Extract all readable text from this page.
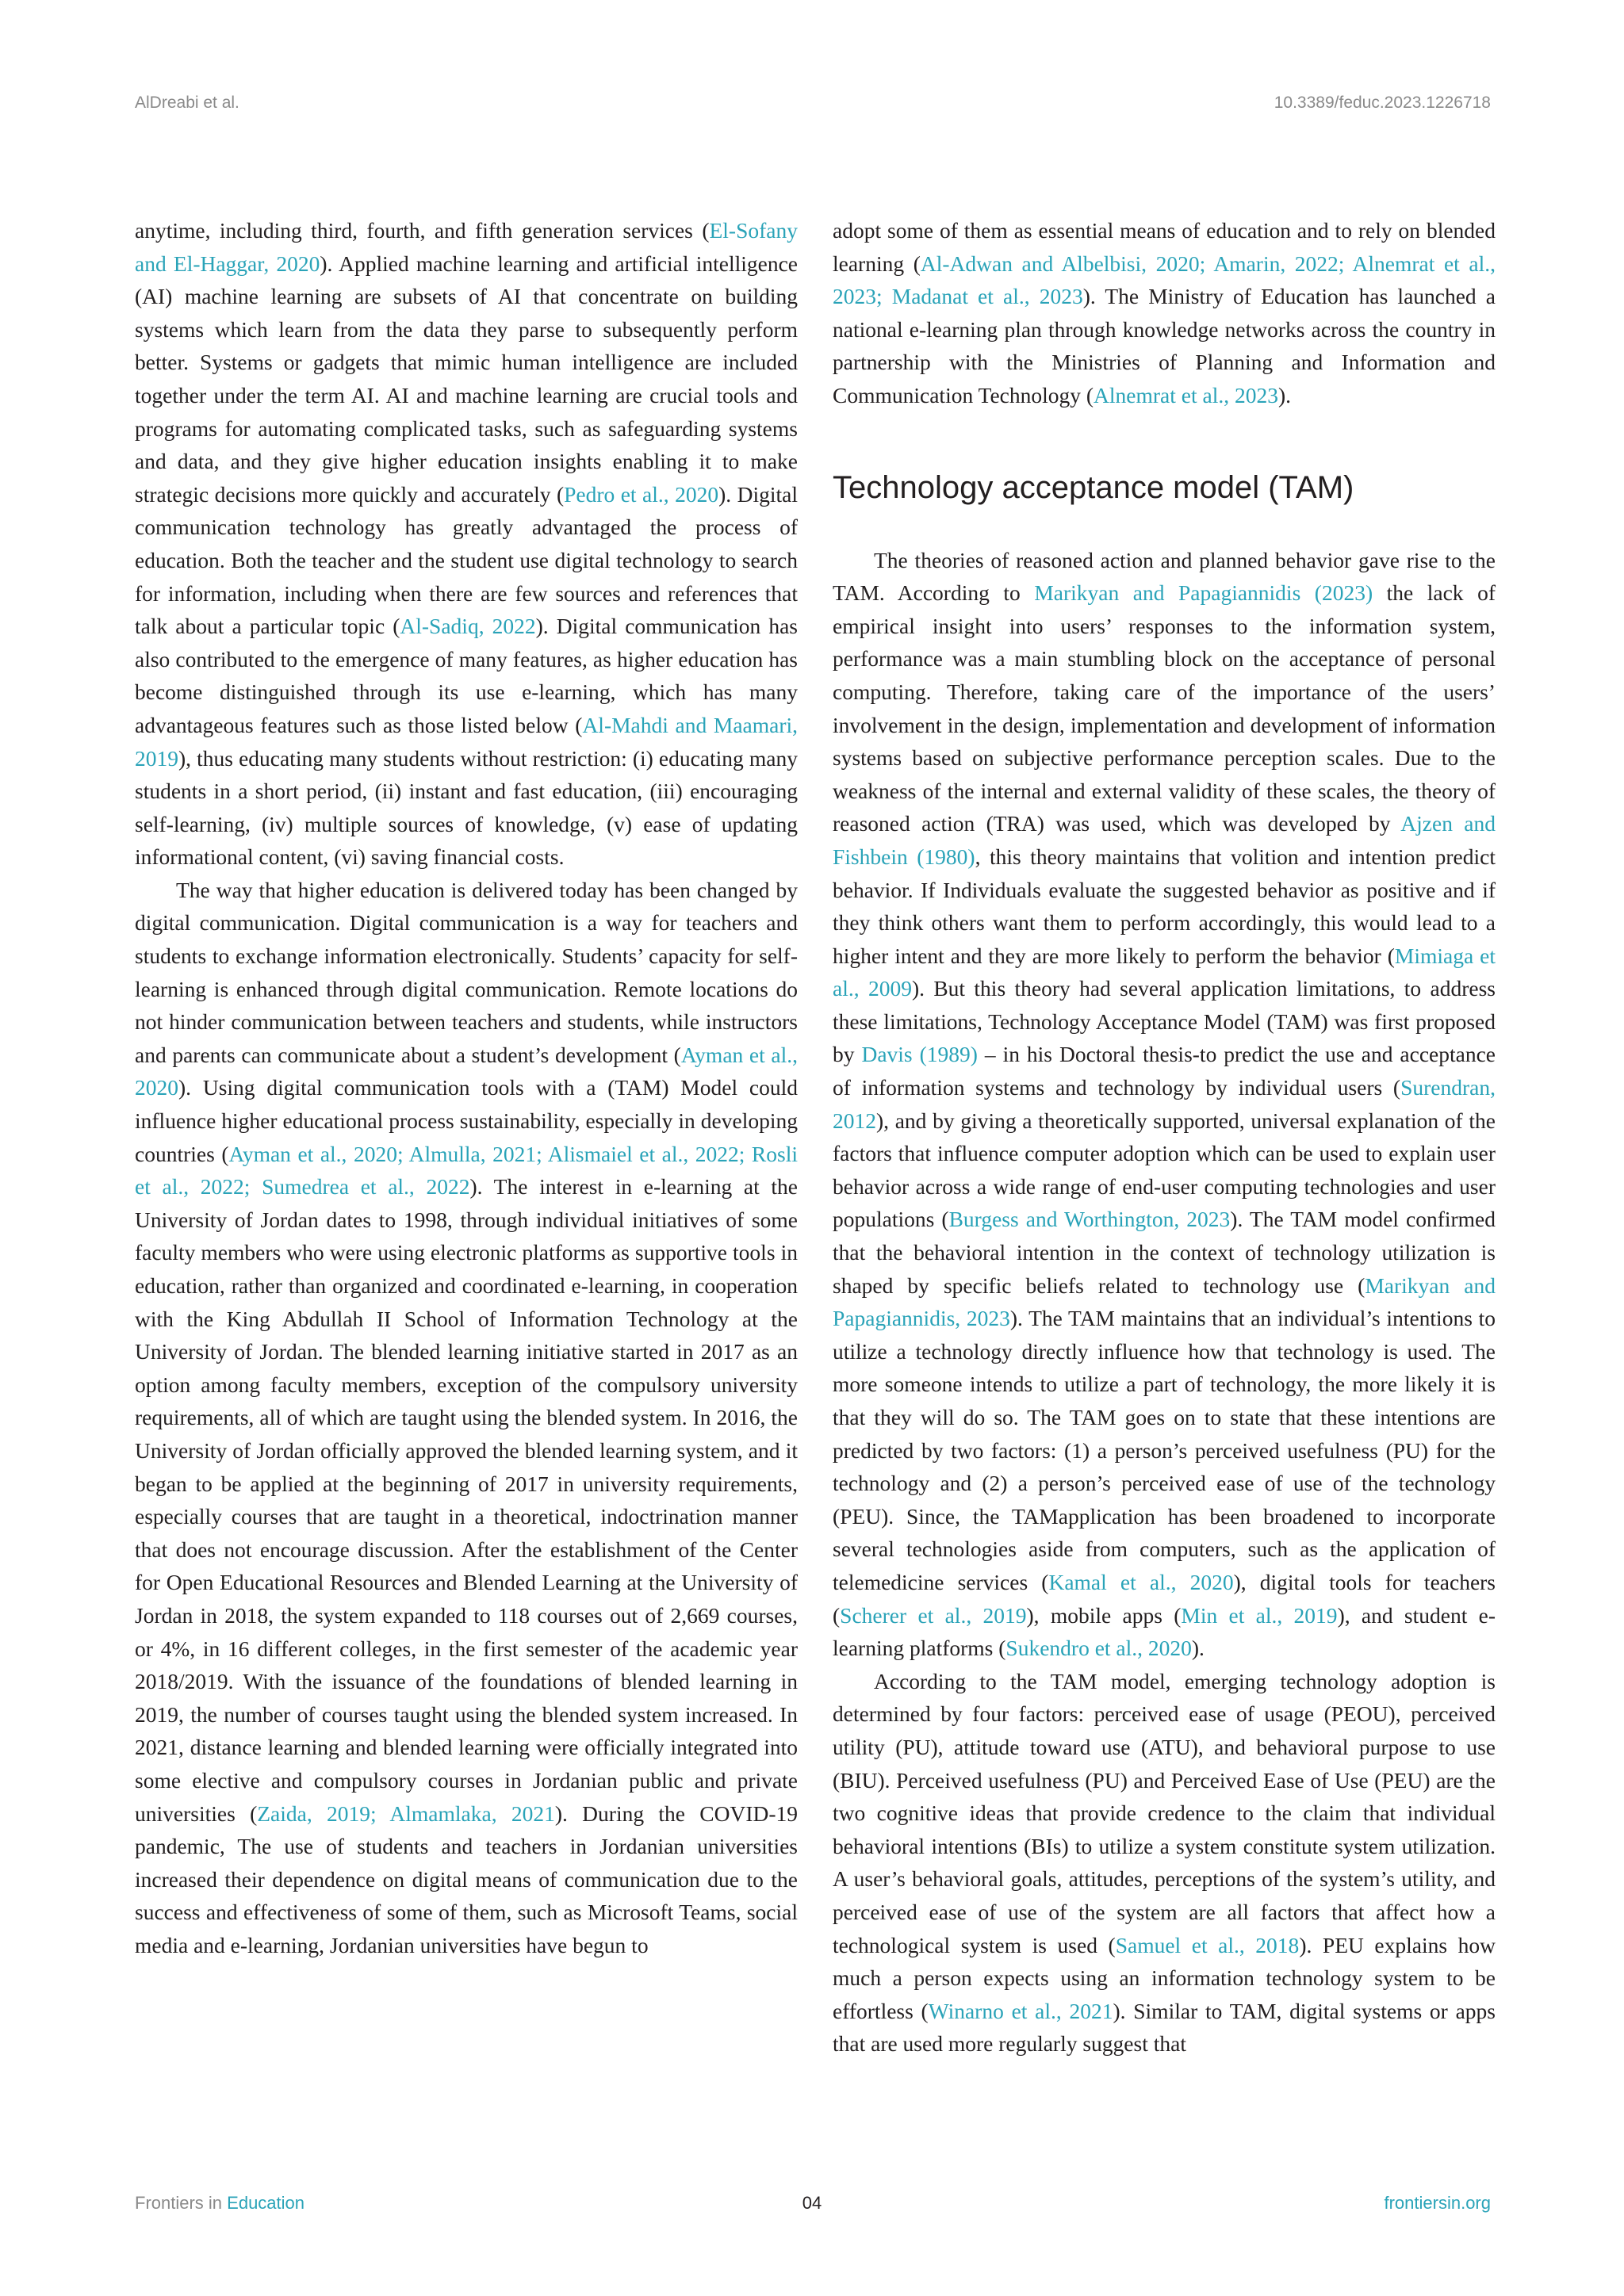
AlDreabi et al.	10.3389/feduc.2023.1226718

anytime, including third, fourth, and fifth generation services (El-Sofany and El-Haggar, 2020). Applied machine learning and artificial intelligence (AI) machine learning are subsets of AI that concentrate on building systems which learn from the data they parse to subsequently perform better. Systems or gadgets that mimic human intelligence are included together under the term AI. AI and machine learning are crucial tools and programs for automating complicated tasks, such as safeguarding systems and data, and they give higher education insights enabling it to make strategic decisions more quickly and accurately (Pedro et al., 2020). Digital communication technology has greatly advantaged the process of education. Both the teacher and the student use digital technology to search for information, including when there are few sources and references that talk about a particular topic (Al-Sadiq, 2022). Digital communication has also contributed to the emergence of many features, as higher education has become distinguished through its use e-learning, which has many advantageous features such as those listed below (Al-Mahdi and Maamari, 2019), thus educating many students without restriction: (i) educating many students in a short period, (ii) instant and fast education, (iii) encouraging self-learning, (iv) multiple sources of knowledge, (v) ease of updating informational content, (vi) saving financial costs.

The way that higher education is delivered today has been changed by digital communication. Digital communication is a way for teachers and students to exchange information electronically. Students’ capacity for self-learning is enhanced through digital communication. Remote locations do not hinder communication between teachers and students, while instructors and parents can communicate about a student’s development (Ayman et al., 2020). Using digital communication tools with a (TAM) Model could influence higher educational process sustainability, especially in developing countries (Ayman et al., 2020; Almulla, 2021; Alismaiel et al., 2022; Rosli et al., 2022; Sumedrea et al., 2022). The interest in e-learning at the University of Jordan dates to 1998, through individual initiatives of some faculty members who were using electronic platforms as supportive tools in education, rather than organized and coordinated e-learning, in cooperation with the King Abdullah II School of Information Technology at the University of Jordan. The blended learning initiative started in 2017 as an option among faculty members, exception of the compulsory university requirements, all of which are taught using the blended system. In 2016, the University of Jordan officially approved the blended learning system, and it began to be applied at the beginning of 2017 in university requirements, especially courses that are taught in a theoretical, indoctrination manner that does not encourage discussion. After the establishment of the Center for Open Educational Resources and Blended Learning at the University of Jordan in 2018, the system expanded to 118 courses out of 2,669 courses, or 4%, in 16 different colleges, in the first semester of the academic year 2018/2019. With the issuance of the foundations of blended learning in 2019, the number of courses taught using the blended system increased. In 2021, distance learning and blended learning were officially integrated into some elective and compulsory courses in Jordanian public and private universities (Zaida, 2019; Almamlaka, 2021). During the COVID-19 pandemic, The use of students and teachers in Jordanian universities increased their dependence on digital means of communication due to the success and effectiveness of some of them, such as Microsoft Teams, social media and e-learning, Jordanian universities have begun to

adopt some of them as essential means of education and to rely on blended learning (Al-Adwan and Albelbisi, 2020; Amarin, 2022; Alnemrat et al., 2023; Madanat et al., 2023). The Ministry of Education has launched a national e-learning plan through knowledge networks across the country in partnership with the Ministries of Planning and Information and Communication Technology (Alnemrat et al., 2023).

Technology acceptance model (TAM)

The theories of reasoned action and planned behavior gave rise to the TAM. According to Marikyan and Papagiannidis (2023) the lack of empirical insight into users’ responses to the information system, performance was a main stumbling block on the acceptance of personal computing. Therefore, taking care of the importance of the users’ involvement in the design, implementation and development of information systems based on subjective performance perception scales. Due to the weakness of the internal and external validity of these scales, the theory of reasoned action (TRA) was used, which was developed by Ajzen and Fishbein (1980), this theory maintains that volition and intention predict behavior. If Individuals evaluate the suggested behavior as positive and if they think others want them to perform accordingly, this would lead to a higher intent and they are more likely to perform the behavior (Mimiaga et al., 2009). But this theory had several application limitations, to address these limitations, Technology Acceptance Model (TAM) was first proposed by Davis (1989) – in his Doctoral thesis-to predict the use and acceptance of information systems and technology by individual users (Surendran, 2012), and by giving a theoretically supported, universal explanation of the factors that influence computer adoption which can be used to explain user behavior across a wide range of end-user computing technologies and user populations (Burgess and Worthington, 2023). The TAM model confirmed that the behavioral intention in the context of technology utilization is shaped by specific beliefs related to technology use (Marikyan and Papagiannidis, 2023). The TAM maintains that an individual’s intentions to utilize a technology directly influence how that technology is used. The more someone intends to utilize a part of technology, the more likely it is that they will do so. The TAM goes on to state that these intentions are predicted by two factors: (1) a person’s perceived usefulness (PU) for the technology and (2) a person’s perceived ease of use of the technology (PEU). Since, the TAMapplication has been broadened to incorporate several technologies aside from computers, such as the application of telemedicine services (Kamal et al., 2020), digital tools for teachers (Scherer et al., 2019), mobile apps (Min et al., 2019), and student e-learning platforms (Sukendro et al., 2020).

According to the TAM model, emerging technology adoption is determined by four factors: perceived ease of usage (PEOU), perceived utility (PU), attitude toward use (ATU), and behavioral purpose to use (BIU). Perceived usefulness (PU) and Perceived Ease of Use (PEU) are the two cognitive ideas that provide credence to the claim that individual behavioral intentions (BIs) to utilize a system constitute system utilization. A user’s behavioral goals, attitudes, perceptions of the system’s utility, and perceived ease of use of the system are all factors that affect how a technological system is used (Samuel et al., 2018). PEU explains how much a person expects using an information technology system to be effortless (Winarno et al., 2021). Similar to TAM, digital systems or apps that are used more regularly suggest that

Frontiers in Education	04	frontiersin.org
